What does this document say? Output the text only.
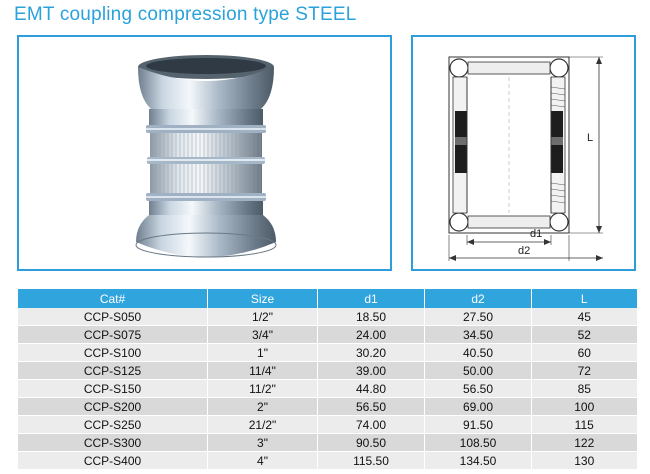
EMT coupling compression type STEEL
L
d1
d2
Cat#	Size	d1	d2	L
CCP-S050	1/2"	18.50	27.50	45
CCP-S075	3/4"	24.00	34.50	52
CCP-S100	1"	30.20	40.50	60
CCP-S125	11/4"	39.00	50.00	72
CCP-S150	11/2"	44.80	56.50	85
CCP-S200	2"	56.50	69.00	100
CCP-S250	21/2"	74.00	91.50	115
CCP-S300	3"	90.50	108.50	122
CCP-S400	4"	115.50	134.50	130
